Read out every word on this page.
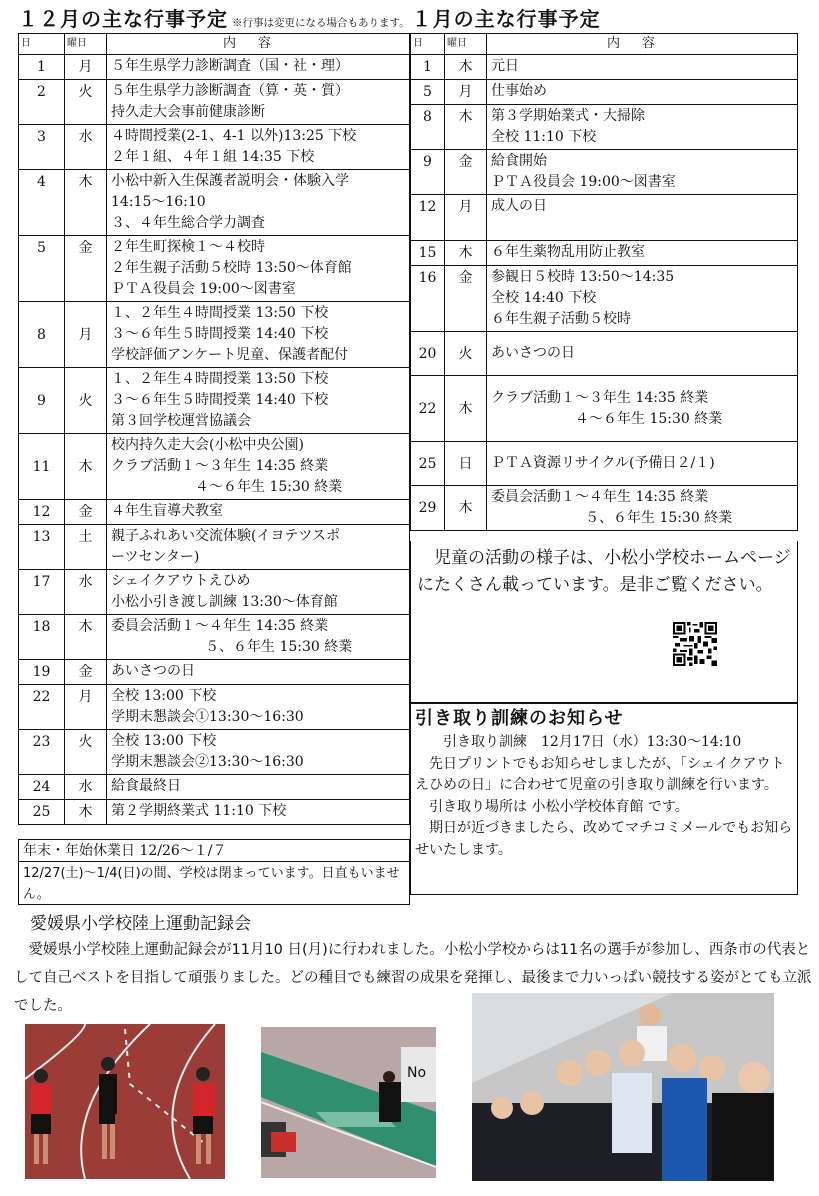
１２月の主な行事予定 ※行事は変更になる場合もあります。 １月の主な行事予定
日	曜日	内容
1	月	５年生県学力診断調査（国・社・理）

2	火	５年生県学力診断調査（算・英・質）
持久走大会事前健康診断

3	水	４時間授業(2-1、4-1 以外)13:25 下校
２年１組、４年１組 14:35 下校

4	木	小松中新入生保護者説明会・体験入学
14:15〜16:10
３、４年生総合学力調査

5	金	２年生町探検１〜４校時
２年生親子活動５校時 13:50〜体育館
ＰＴＡ役員会 19:00〜図書室

8	月	１、２年生４時間授業 13:50 下校
３〜６年生５時間授業 14:40 下校
学校評価アンケート児童、保護者配付

9	火	１、２年生４時間授業 13:50 下校
３〜６年生５時間授業 14:40 下校
第３回学校運営協議会

11	木	校内持久走大会(小松中央公園)
クラブ活動１〜３年生 14:35 終業
４〜６年生 15:30 終業

12	金	４年生盲導犬教室

13	土	親子ふれあい交流体験(イヨテツスポ
ーツセンター)

17	水	シェイクアウトえひめ
小松小引き渡し訓練 13:30〜体育館

18	木	委員会活動１〜４年生 14:35 終業
５、６年生 15:30 終業

19	金	あいさつの日

22	月	全校 13:00 下校
学期末懇談会①13:30〜16:30

23	火	全校 13:00 下校
学期末懇談会②13:30〜16:30

24	水	給食最終日

25	木	第２学期終業式 11:10 下校
年末・年始休業日 12/26〜１/７
12/27(土)〜1/4(日)の間、学校は閉まっています。日直もいません。
日	曜日	内容
1	木	元日

5	月	仕事始め

8	木	第３学期始業式・大掃除
全校 11:10 下校

9	金	給食開始
ＰＴＡ役員会 19:00〜図書室

12	月	成人の日

15	木	６年生薬物乱用防止教室

16	金	参観日５校時 13:50〜14:35
全校 14:40 下校
６年生親子活動５校時

20	火	あいさつの日

22	木	クラブ活動１〜３年生 14:35 終業
４〜６年生 15:30 終業

25	日	ＰＴＡ資源リサイクル(予備日２/１)

29	木	委員会活動１〜４年生 14:35 終業
５、６年生 15:30 終業
児童の活動の様子は、小松小学校ホームページにたくさん載っています。是非ご覧ください。
引き取り訓練のお知らせ

引き取り訓練　12月17日（水）13:30〜14:10

先日プリントでもお知らせしましたが、「シェイクアウトえひめの日」に合わせて児童の引き取り訓練を行います。

引き取り場所は 小松小学校体育館 です。

期日が近づきましたら、改めてマチコミメールでもお知らせいたします。

愛媛県小学校陸上運動記録会
愛媛県小学校陸上運動記録会が11月10 日(月)に行われました。小松小学校からは11名の選手が参加し、西条市の代表として自己ベストを目指して頑張りました。どの種目でも練習の成果を発揮し、最後まで力いっぱい競技する姿がとても立派でした。
No
